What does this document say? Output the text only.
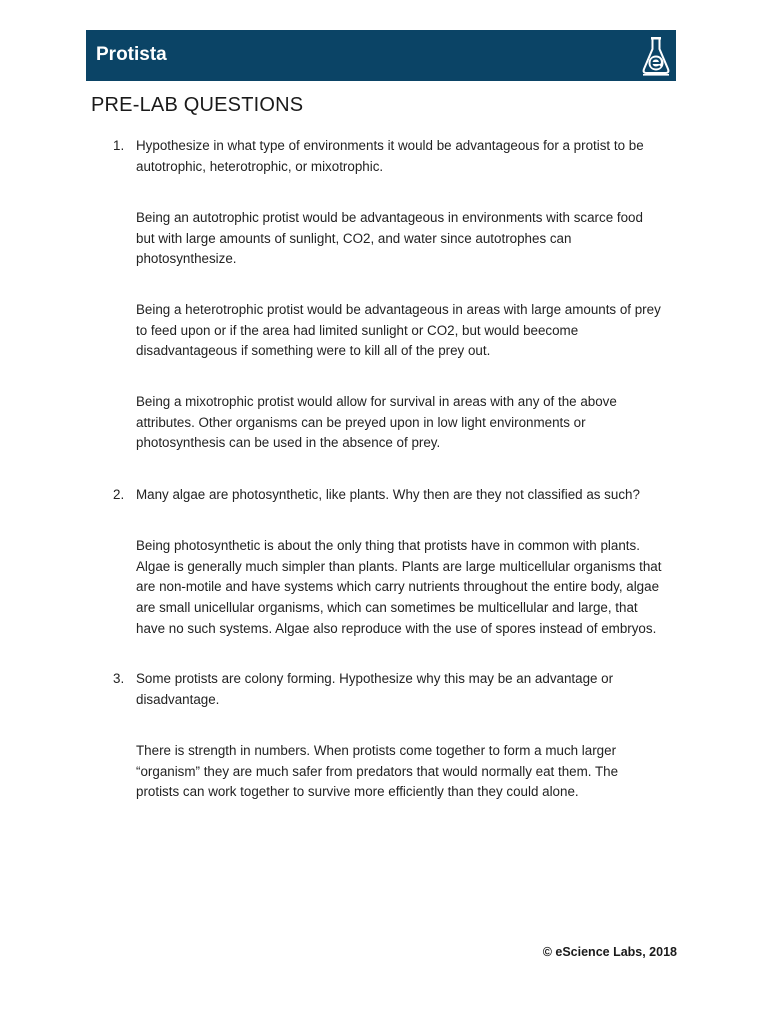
Protista
PRE-LAB QUESTIONS
1. Hypothesize in what type of environments it would be advantageous for a protist to be
autotrophic, heterotrophic, or mixotrophic.
Being an autotrophic protist would be advantageous in environments with scarce food
but with large amounts of sunlight, CO2, and water since autotrophes can
photosynthesize.
Being a heterotrophic protist would be advantageous in areas with large amounts of prey
to feed upon or if the area had limited sunlight or CO2, but would beecome
disadvantageous if something were to kill all of the prey out.
Being a mixotrophic protist would allow for survival in areas with any of the above
attributes. Other organisms can be preyed upon in low light environments or
photosynthesis can be used in the absence of prey.
2. Many algae are photosynthetic, like plants. Why then are they not classified as such?
Being photosynthetic is about the only thing that protists have in common with plants.
Algae is generally much simpler than plants. Plants are large multicellular organisms that
are non-motile and have systems which carry nutrients throughout the entire body, algae
are small unicellular organisms, which can sometimes be multicellular and large, that
have no such systems. Algae also reproduce with the use of spores instead of embryos.
3. Some protists are colony forming. Hypothesize why this may be an advantage or
disadvantage.
There is strength in numbers. When protists come together to form a much larger
“organism” they are much safer from predators that would normally eat them. The
protists can work together to survive more efficiently than they could alone.
© eScience Labs, 2018
